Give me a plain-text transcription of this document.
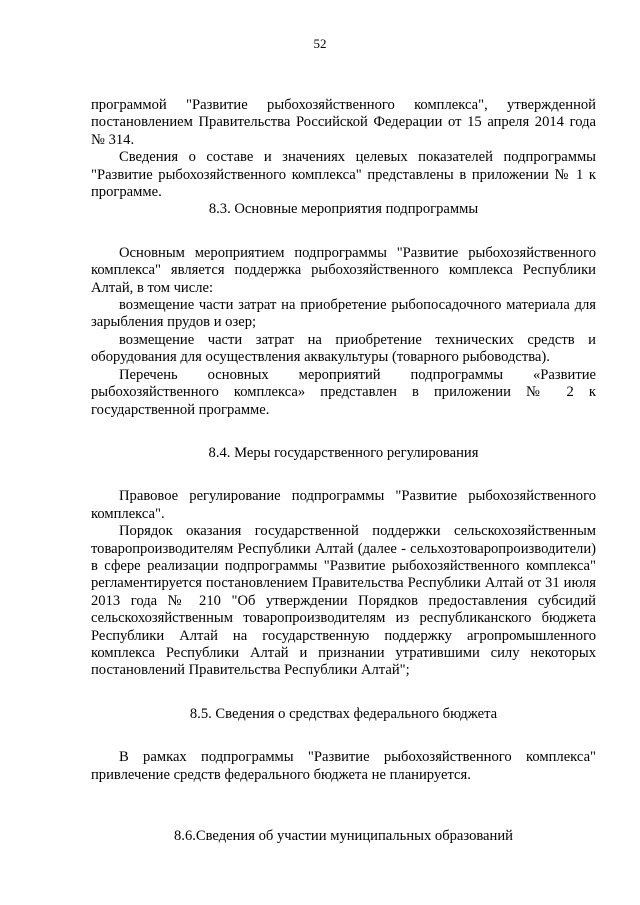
52

программой "Развитие рыбохозяйственного комплекса", утвержденной постановлением Правительства Российской Федерации от 15 апреля 2014 года № 314.

Сведения о составе и значениях целевых показателей подпрограммы "Развитие рыбохозяйственного комплекса" представлены в приложении № 1 к программе.

8.3. Основные мероприятия подпрограммы

Основным мероприятием подпрограммы "Развитие рыбохозяйственного комплекса" является поддержка рыбохозяйственного комплекса Республики Алтай, в том числе:

возмещение части затрат на приобретение рыбопосадочного материала для зарыбления прудов и озер;

возмещение части затрат на приобретение технических средств и оборудования для осуществления аквакультуры (товарного рыбоводства).

Перечень основных мероприятий подпрограммы «Развитие рыбохозяйственного комплекса» представлен в приложении № 2 к государственной программе.

8.4. Меры государственного регулирования

Правовое регулирование подпрограммы "Развитие рыбохозяйственного комплекса".

Порядок оказания государственной поддержки сельскохозяйственным товаропроизводителям Республики Алтай (далее - сельхозтоваропроизводители) в сфере реализации подпрограммы "Развитие рыбохозяйственного комплекса" регламентируется постановлением Правительства Республики Алтай от 31 июля 2013 года № 210 "Об утверждении Порядков предоставления субсидий сельскохозяйственным товаропроизводителям из республиканского бюджета Республики Алтай на государственную поддержку агропромышленного комплекса Республики Алтай и признании утратившими силу некоторых постановлений Правительства Республики Алтай";

8.5. Сведения о средствах федерального бюджета

В рамках подпрограммы "Развитие рыбохозяйственного комплекса" привлечение средств федерального бюджета не планируется.

8.6.Сведения об участии муниципальных образований
